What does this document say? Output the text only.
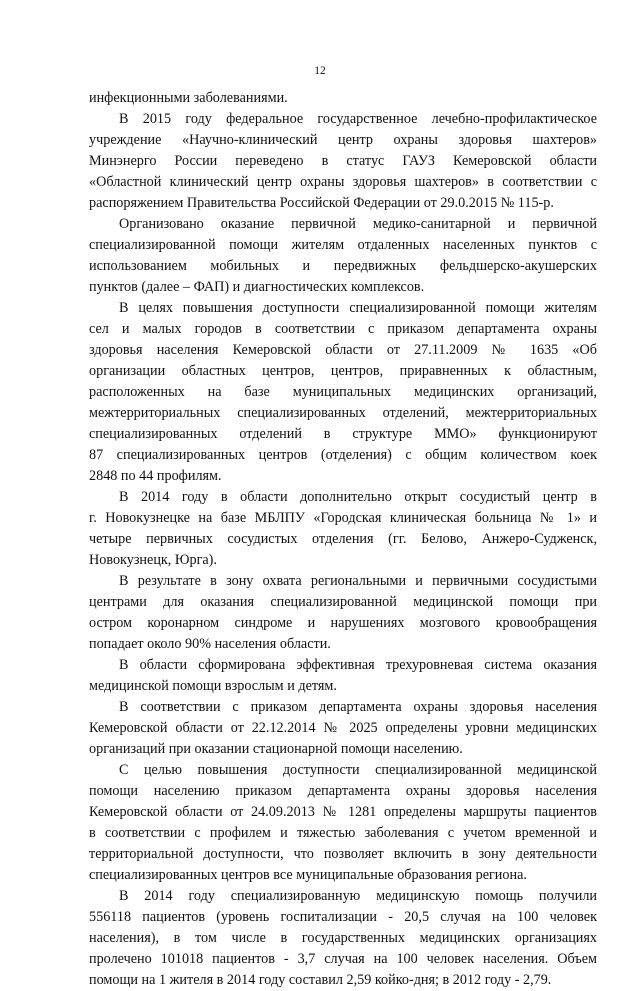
12
инфекционными заболеваниями.
В 2015 году федеральное государственное лечебно-профилактическое
учреждение «Научно-клинический центр охраны здоровья шахтеров»
Минэнерго России переведено в статус ГАУЗ Кемеровской области
«Областной клинический центр охраны здоровья шахтеров» в соответствии с
распоряжением Правительства Российской Федерации от 29.0.2015 № 115-р.
Организовано оказание первичной медико-санитарной и первичной
специализированной помощи жителям отдаленных населенных пунктов с
использованием мобильных и передвижных фельдшерско-акушерских
пунктов (далее – ФАП) и диагностических комплексов.
В целях повышения доступности специализированной помощи жителям
сел и малых городов в соответствии с приказом департамента охраны
здоровья населения Кемеровской области от 27.11.2009 № 1635 «Об
организации областных центров, центров, приравненных к областным,
расположенных на базе муниципальных медицинских организаций,
межтерриториальных специализированных отделений, межтерриториальных
специализированных отделений в структуре ММО» функционируют
87 специализированных центров (отделения) с общим количеством коек
2848 по 44 профилям.
В 2014 году в области дополнительно открыт сосудистый центр в
г. Новокузнецке на базе МБЛПУ «Городская клиническая больница № 1» и
четыре первичных сосудистых отделения (гг. Белово, Анжеро-Судженск,
Новокузнецк, Юрга).
В результате в зону охвата региональными и первичными сосудистыми
центрами для оказания специализированной медицинской помощи при
остром коронарном синдроме и нарушениях мозгового кровообращения
попадает около 90% населения области.
В области сформирована эффективная трехуровневая система оказания
медицинской помощи взрослым и детям.
В соответствии с приказом департамента охраны здоровья населения
Кемеровской области от 22.12.2014 № 2025 определены уровни медицинских
организаций при оказании стационарной помощи населению.
С целью повышения доступности специализированной медицинской
помощи населению приказом департамента охраны здоровья населения
Кемеровской области от 24.09.2013 № 1281 определены маршруты пациентов
в соответствии с профилем и тяжестью заболевания с учетом временной и
территориальной доступности, что позволяет включить в зону деятельности
специализированных центров все муниципальные образования региона.
В 2014 году специализированную медицинскую помощь получили
556118 пациентов (уровень госпитализации - 20,5 случая на 100 человек
населения), в том числе в государственных медицинских организациях
пролечено 101018 пациентов - 3,7 случая на 100 человек населения. Объем
помощи на 1 жителя в 2014 году составил 2,59 койко-дня; в 2012 году - 2,79.
